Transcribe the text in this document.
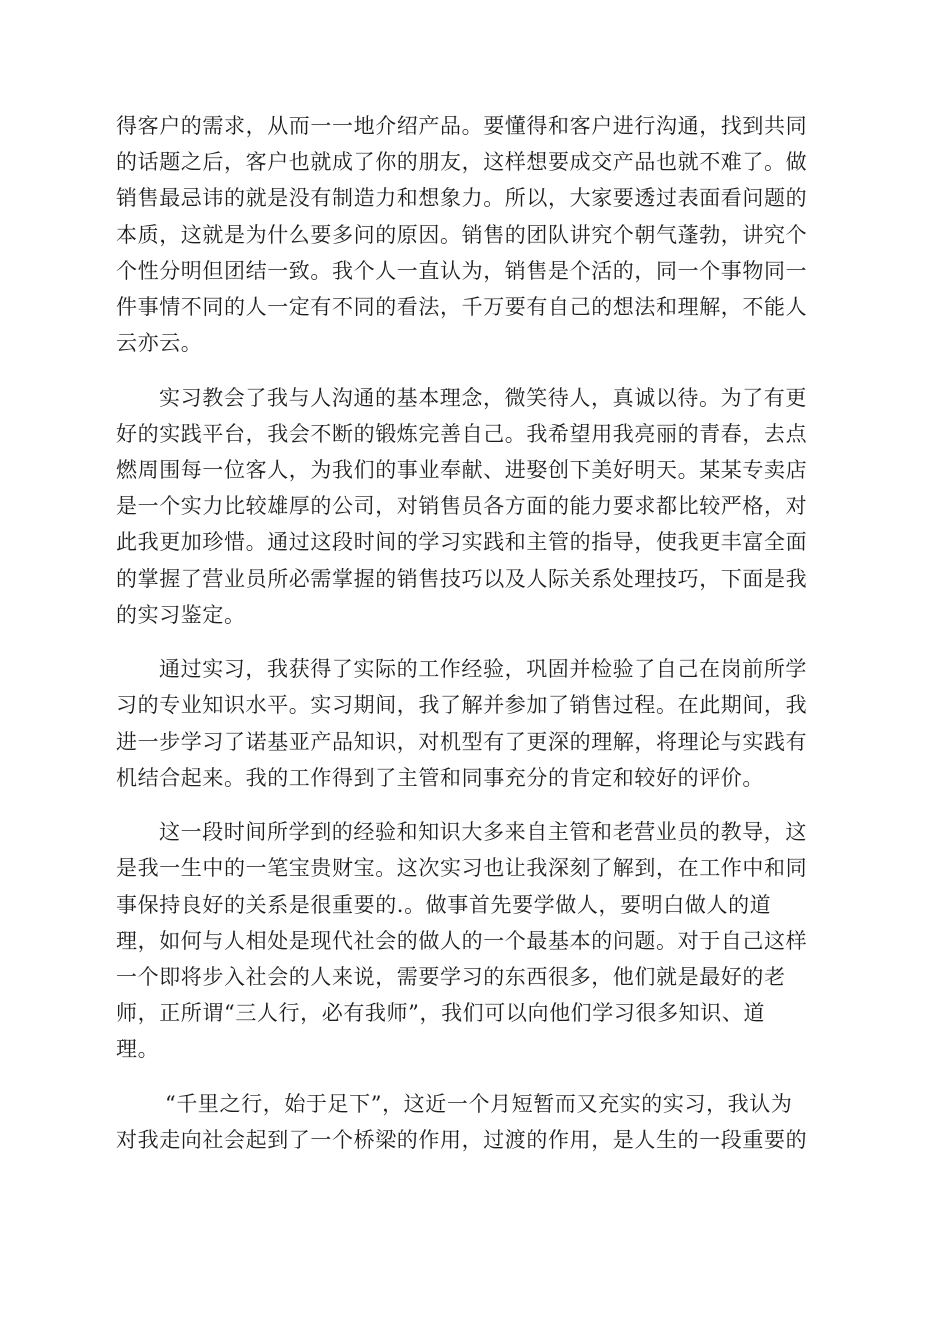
得客户的需求，从而一一地介绍产品。要懂得和客户进行沟通，找到共同
的话题之后，客户也就成了你的朋友，这样想要成交产品也就不难了。做
销售最忌讳的就是没有制造力和想象力。所以，大家要透过表面看问题的
本质，这就是为什么要多问的原因。销售的团队讲究个朝气蓬勃，讲究个
个性分明但团结一致。我个人一直认为，销售是个活的，同一个事物同一
件事情不同的人一定有不同的看法，千万要有自己的想法和理解，不能人
云亦云。

实习教会了我与人沟通的基本理念，微笑待人，真诚以待。为了有更
好的实践平台，我会不断的锻炼完善自己。我希望用我亮丽的青春，去点
燃周围每一位客人，为我们的事业奉献、进娶创下美好明天。某某专卖店
是一个实力比较雄厚的公司，对销售员各方面的能力要求都比较严格，对
此我更加珍惜。通过这段时间的学习实践和主管的指导，使我更丰富全面
的掌握了营业员所必需掌握的销售技巧以及人际关系处理技巧，下面是我
的实习鉴定。

通过实习，我获得了实际的工作经验，巩固并检验了自己在岗前所学
习的专业知识水平。实习期间，我了解并参加了销售过程。在此期间，我
进一步学习了诺基亚产品知识，对机型有了更深的理解，将理论与实践有
机结合起来。我的工作得到了主管和同事充分的肯定和较好的评价。

这一段时间所学到的经验和知识大多来自主管和老营业员的教导，这
是我一生中的一笔宝贵财宝。这次实习也让我深刻了解到，在工作中和同
事保持良好的关系是很重要的.。做事首先要学做人，要明白做人的道
理，如何与人相处是现代社会的做人的一个最基本的问题。对于自己这样
一个即将步入社会的人来说，需要学习的东西很多，他们就是最好的老
师，正所谓“三人行，必有我师”，我们可以向他们学习很多知识、道
理。

“千里之行，始于足下”，这近一个月短暂而又充实的实习，我认为
对我走向社会起到了一个桥梁的作用，过渡的作用，是人生的一段重要的
